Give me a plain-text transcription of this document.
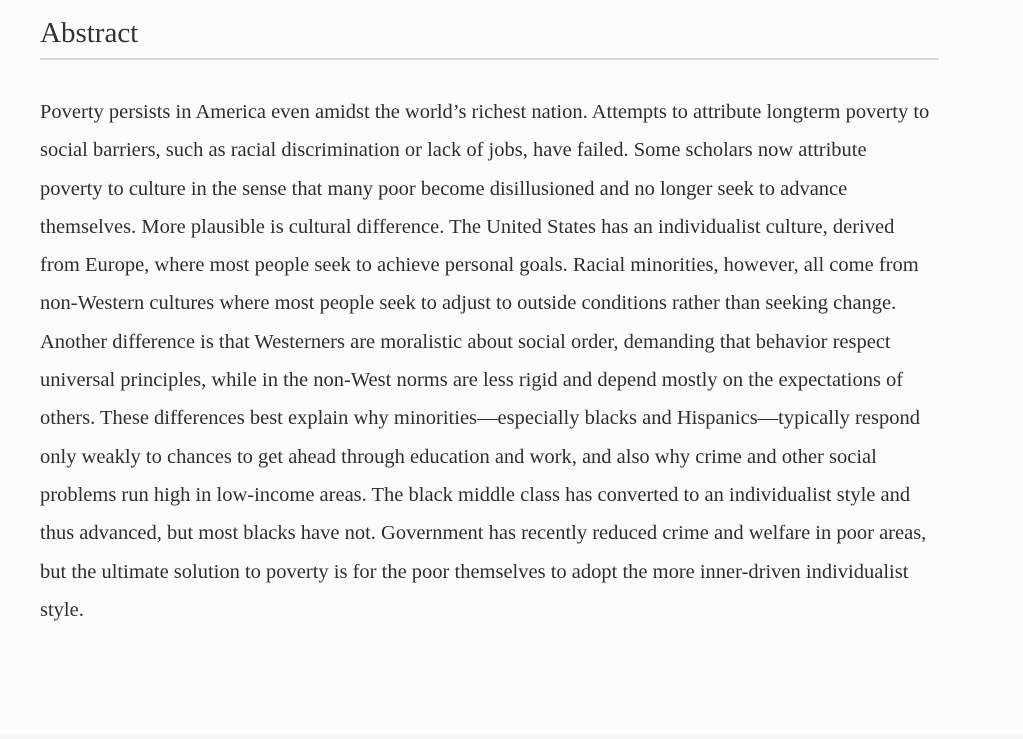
Abstract

Poverty persists in America even amidst the world’s richest nation. Attempts to attribute longterm poverty to social barriers, such as racial discrimination or lack of jobs, have failed. Some scholars now attribute poverty to culture in the sense that many poor become disillusioned and no longer seek to advance themselves. More plausible is cultural difference. The United States has an individualist culture, derived from Europe, where most people seek to achieve personal goals. Racial minorities, however, all come from non-Western cultures where most people seek to adjust to outside conditions rather than seeking change. Another difference is that Westerners are moralistic about social order, demanding that behavior respect universal principles, while in the non-West norms are less rigid and depend mostly on the expectations of others. These differences best explain why minorities—especially blacks and Hispanics—typically respond only weakly to chances to get ahead through education and work, and also why crime and other social problems run high in low-income areas. The black middle class has converted to an individualist style and thus advanced, but most blacks have not. Government has recently reduced crime and welfare in poor areas, but the ultimate solution to poverty is for the poor themselves to adopt the more inner-driven individualist style.
